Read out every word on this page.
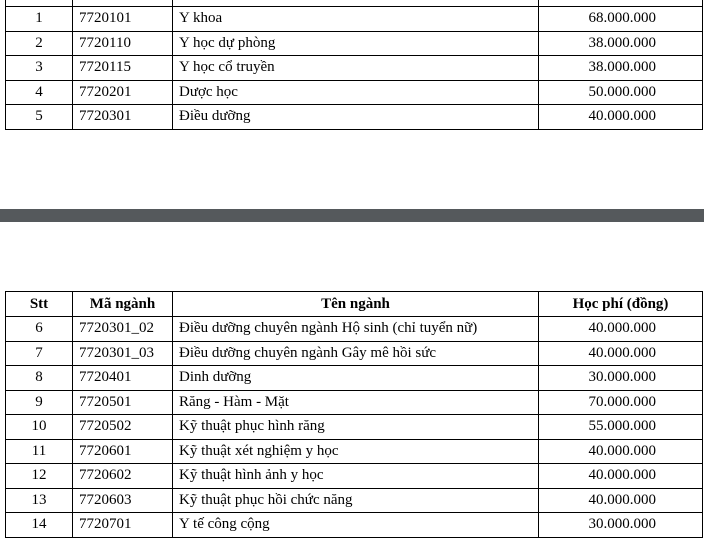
1	7720101	Y khoa	68.000.000
2	7720110	Y học dự phòng	38.000.000
3	7720115	Y học cổ truyền	38.000.000
4	7720201	Dược học	50.000.000
5	7720301	Điều dưỡng	40.000.000
Stt	Mã ngành	Tên ngành	Học phí (đồng)
6	7720301_02	Điều dưỡng chuyên ngành Hộ sinh (chỉ tuyển nữ)	40.000.000
7	7720301_03	Điều dưỡng chuyên ngành Gây mê hồi sức	40.000.000
8	7720401	Dinh dưỡng	30.000.000
9	7720501	Răng - Hàm - Mặt	70.000.000
10	7720502	Kỹ thuật phục hình răng	55.000.000
11	7720601	Kỹ thuật xét nghiệm y học	40.000.000
12	7720602	Kỹ thuật hình ảnh y học	40.000.000
13	7720603	Kỹ thuật phục hồi chức năng	40.000.000
14	7720701	Y tế công cộng	30.000.000
